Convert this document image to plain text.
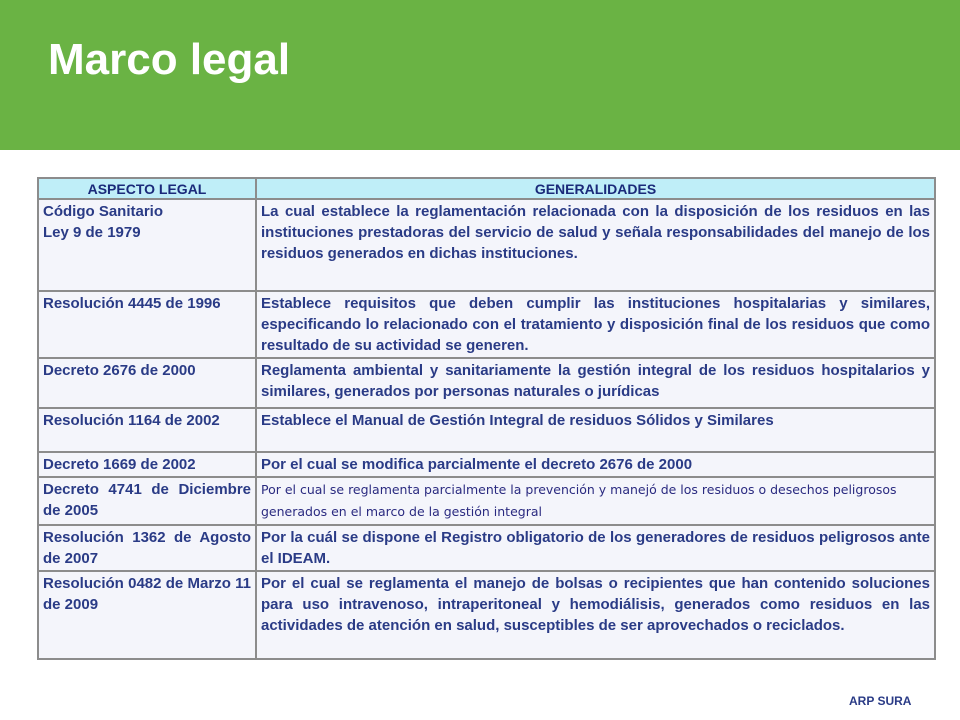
Marco legal
ASPECTO LEGAL	GENERALIDADES
Código Sanitario
Ley 9 de 1979	La cual establece la reglamentación relacionada con la disposición de los residuos en las instituciones prestadoras del servicio de salud y señala responsabilidades del manejo de los residuos generados en dichas instituciones.
Resolución 4445 de 1996	Establece requisitos que deben cumplir las instituciones hospitalarias y similares, especificando lo relacionado con el tratamiento y disposición final de los residuos que como resultado de su actividad se generen.
Decreto 2676 de 2000	Reglamenta ambiental y sanitariamente la gestión integral de los residuos hospitalarios y similares, generados por personas naturales o jurídicas
Resolución 1164 de 2002	Establece el Manual de Gestión Integral de residuos Sólidos y Similares
Decreto 1669 de 2002	Por el cual se modifica parcialmente el decreto 2676 de 2000
Decreto 4741 de Diciembre de 2005	Por el cual se reglamenta parcialmente la prevención y manejó de los residuos o desechos peligrosos generados en el marco de la gestión integral
Resolución 1362 de Agosto de 2007	Por la cuál se dispone el Registro obligatorio de los generadores de residuos peligrosos ante el IDEAM.
Resolución 0482 de Marzo 11 de 2009	Por el cual se reglamenta el manejo de bolsas o recipientes que han contenido soluciones para uso intravenoso, intraperitoneal y hemodiálisis, generados como residuos en las actividades de atención en salud, susceptibles de ser aprovechados o reciclados.
ARP SURA
